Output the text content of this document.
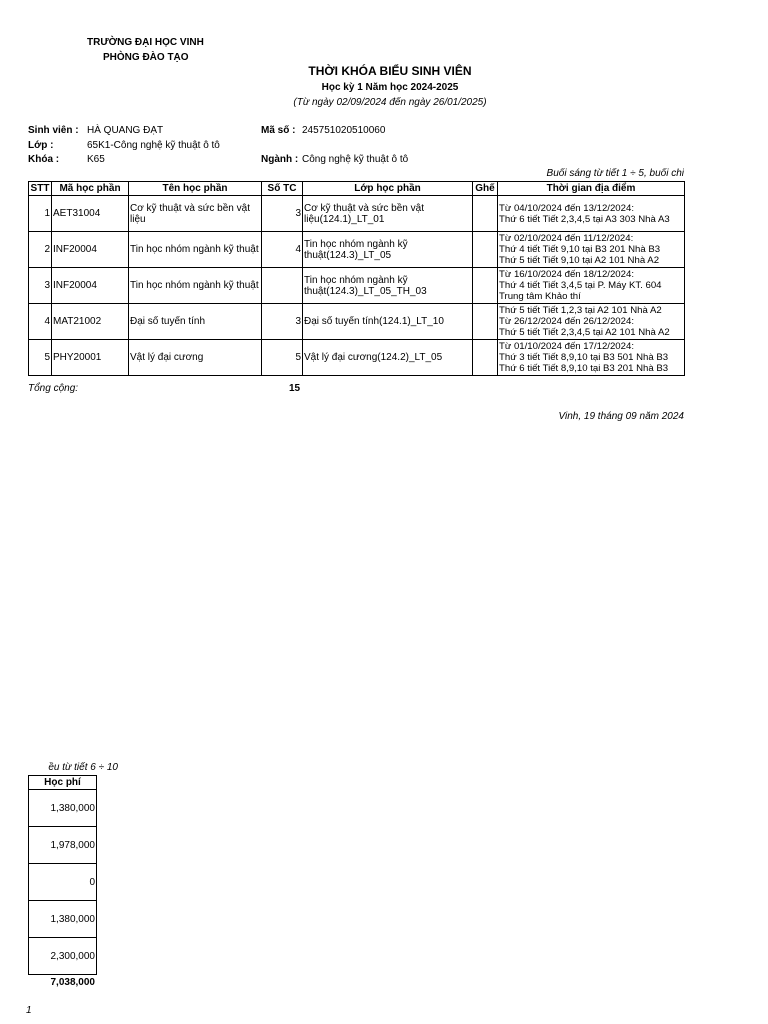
TRƯỜNG ĐẠI HỌC VINH
PHÒNG ĐÀO TẠO
THỜI KHÓA BIỂU SINH VIÊN
Học kỳ 1 Năm học 2024-2025
(Từ ngày 02/09/2024 đến ngày 26/01/2025)
Sinh viên : HÀ QUANG ĐẠT	Mã số : 245751020510060
Lớp :	65K1-Công nghệ kỹ thuật ô tô
Khóa :	K65	Ngành : Công nghệ kỹ thuật ô tô
Buổi sáng từ tiết 1 ÷ 5, buổi chi
STT	Mã học phần	Tên học phần	Số TC	Lớp học phần	Ghế	Thời gian địa điểm
1	AET31004	Cơ kỹ thuật và sức bền vật liệu	3	Cơ kỹ thuật và sức bền vật liệu(124.1)_LT_01		Từ 04/10/2024 đến 13/12/2024:
Thứ 6 tiết Tiết 2,3,4,5 tại A3 303 Nhà A3

2	INF20004	Tin học nhóm ngành kỹ thuật	4	Tin học nhóm ngành kỹ thuật(124.3)_LT_05		Từ 02/10/2024 đến 11/12/2024:
Thứ 4 tiết Tiết 9,10 tại B3 201 Nhà B3
Thứ 5 tiết Tiết 9,10 tại A2 101 Nhà A2

3	INF20004	Tin học nhóm ngành kỹ thuật		Tin học nhóm ngành kỹ thuật(124.3)_LT_05_TH_03		Từ 16/10/2024 đến 18/12/2024:
Thứ 4 tiết Tiết 3,4,5 tại P. Máy KT. 604
Trung tâm Khảo thí

4	MAT21002	Đại số tuyến tính	3	Đại số tuyến tính(124.1)_LT_10		Thứ 5 tiết Tiết 1,2,3 tại A2 101 Nhà A2
Từ 26/12/2024 đến 26/12/2024:
Thứ 5 tiết Tiết 2,3,4,5 tại A2 101 Nhà A2

5	PHY20001	Vật lý đại cương	5	Vật lý đại cương(124.2)_LT_05		Từ 01/10/2024 đến 17/12/2024:
Thứ 3 tiết Tiết 8,9,10 tại B3 501 Nhà B3
Thứ 6 tiết Tiết 8,9,10 tại B3 201 Nhà B3
Tổng cộng:	15
Vinh, 19 tháng 09 năm 2024
ều từ tiết 6 ÷ 10
Học phí
1,380,000
1,978,000
0
1,380,000
2,300,000
7,038,000
1
